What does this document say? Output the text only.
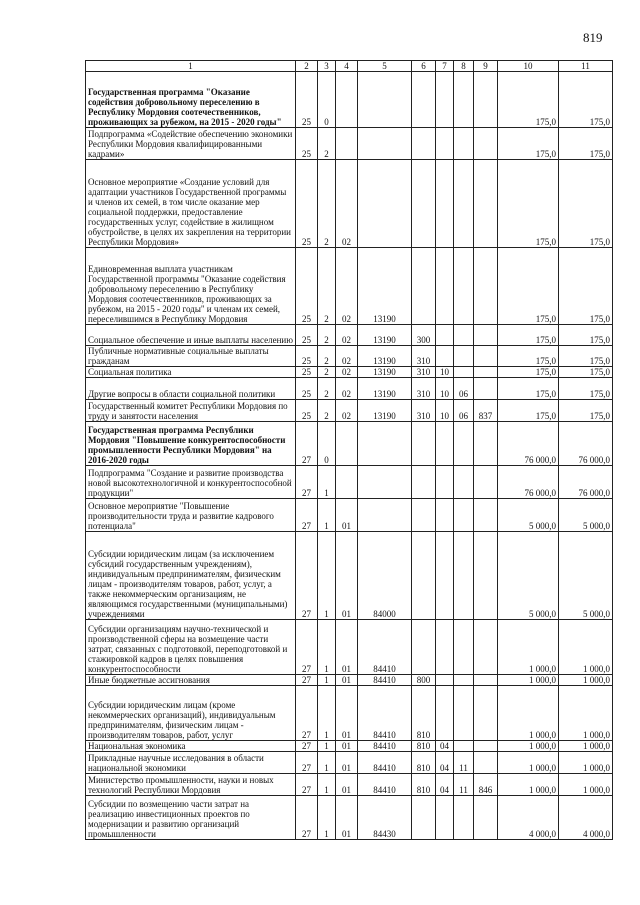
819
1	2	3	4	5	6	7	8	9	10	11

Государственная программа "Оказание содействия добровольному переселению в Республику Мордовия соотечественников, проживающих за рубежом, на 2015 - 2020 годы"	25	0							175,0	175,0

Подпрограмма «Содействие обеспечению экономики Республики Мордовия квалифицированными кадрами»	25	2							175,0	175,0

Основное мероприятие «Создание условий для адаптации участников Государственной программы и членов их семей, в том числе оказание мер социальной поддержки, предоставление государственных услуг, содействие в жилищном обустройстве, в целях их закрепления на территории Республики Мордовия»	25	2	02						175,0	175,0

Единовременная выплата участникам Государственной программы "Оказание содействия добровольному переселению в Республику Мордовия соотечественников, проживающих за рубежом, на 2015 - 2020 годы" и членам их семей, переселившимся в Республику Мордовия	25	2	02	13190					175,0	175,0

Социальное обеспечение и иные выплаты населению	25	2	02	13190	300				175,0	175,0

Публичные нормативные социальные выплаты гражданам	25	2	02	13190	310				175,0	175,0

Социальная политика	25	2	02	13190	310	10			175,0	175,0

Другие вопросы в области социальной политики	25	2	02	13190	310	10	06		175,0	175,0

Государственный комитет Республики Мордовия по труду и занятости населения	25	2	02	13190	310	10	06	837	175,0	175,0

Государственная программа Республики Мордовия "Повышение конкурентоспособности промышленности Республики Мордовия" на 2016-2020 годы	27	0							76 000,0	76 000,0

Подпрограмма "Создание и развитие производства новой высокотехнологичной и конкурентоспособной продукции"	27	1							76 000,0	76 000,0

Основное мероприятие "Повышение производительности труда и развитие кадрового потенциала"	27	1	01						5 000,0	5 000,0

Субсидии юридическим лицам (за исключением субсидий государственным учреждениям), индивидуальным предпринимателям, физическим лицам - производителям товаров, работ, услуг, а также некоммерческим организациям, не являющимся государственными (муниципальными) учреждениями	27	1	01	84000					5 000,0	5 000,0

Субсидии организациям научно-технической и производственной сферы на возмещение части затрат, связанных с подготовкой, переподготовкой и стажировкой кадров в целях повышения конкурентоспособности	27	1	01	84410					1 000,0	1 000,0

Иные бюджетные ассигнования	27	1	01	84410	800				1 000,0	1 000,0

Субсидии юридическим лицам (кроме некоммерческих организаций), индивидуальным предпринимателям, физическим лицам - производителям товаров, работ, услуг	27	1	01	84410	810				1 000,0	1 000,0

Национальная экономика	27	1	01	84410	810	04			1 000,0	1 000,0

Прикладные научные исследования в области национальной экономики	27	1	01	84410	810	04	11		1 000,0	1 000,0

Министерство промышленности, науки и новых технологий Республики Мордовия	27	1	01	84410	810	04	11	846	1 000,0	1 000,0

Субсидии по возмещению части затрат на реализацию инвестиционных проектов по модернизации и развитию организаций промышленности	27	1	01	84430					4 000,0	4 000,0
